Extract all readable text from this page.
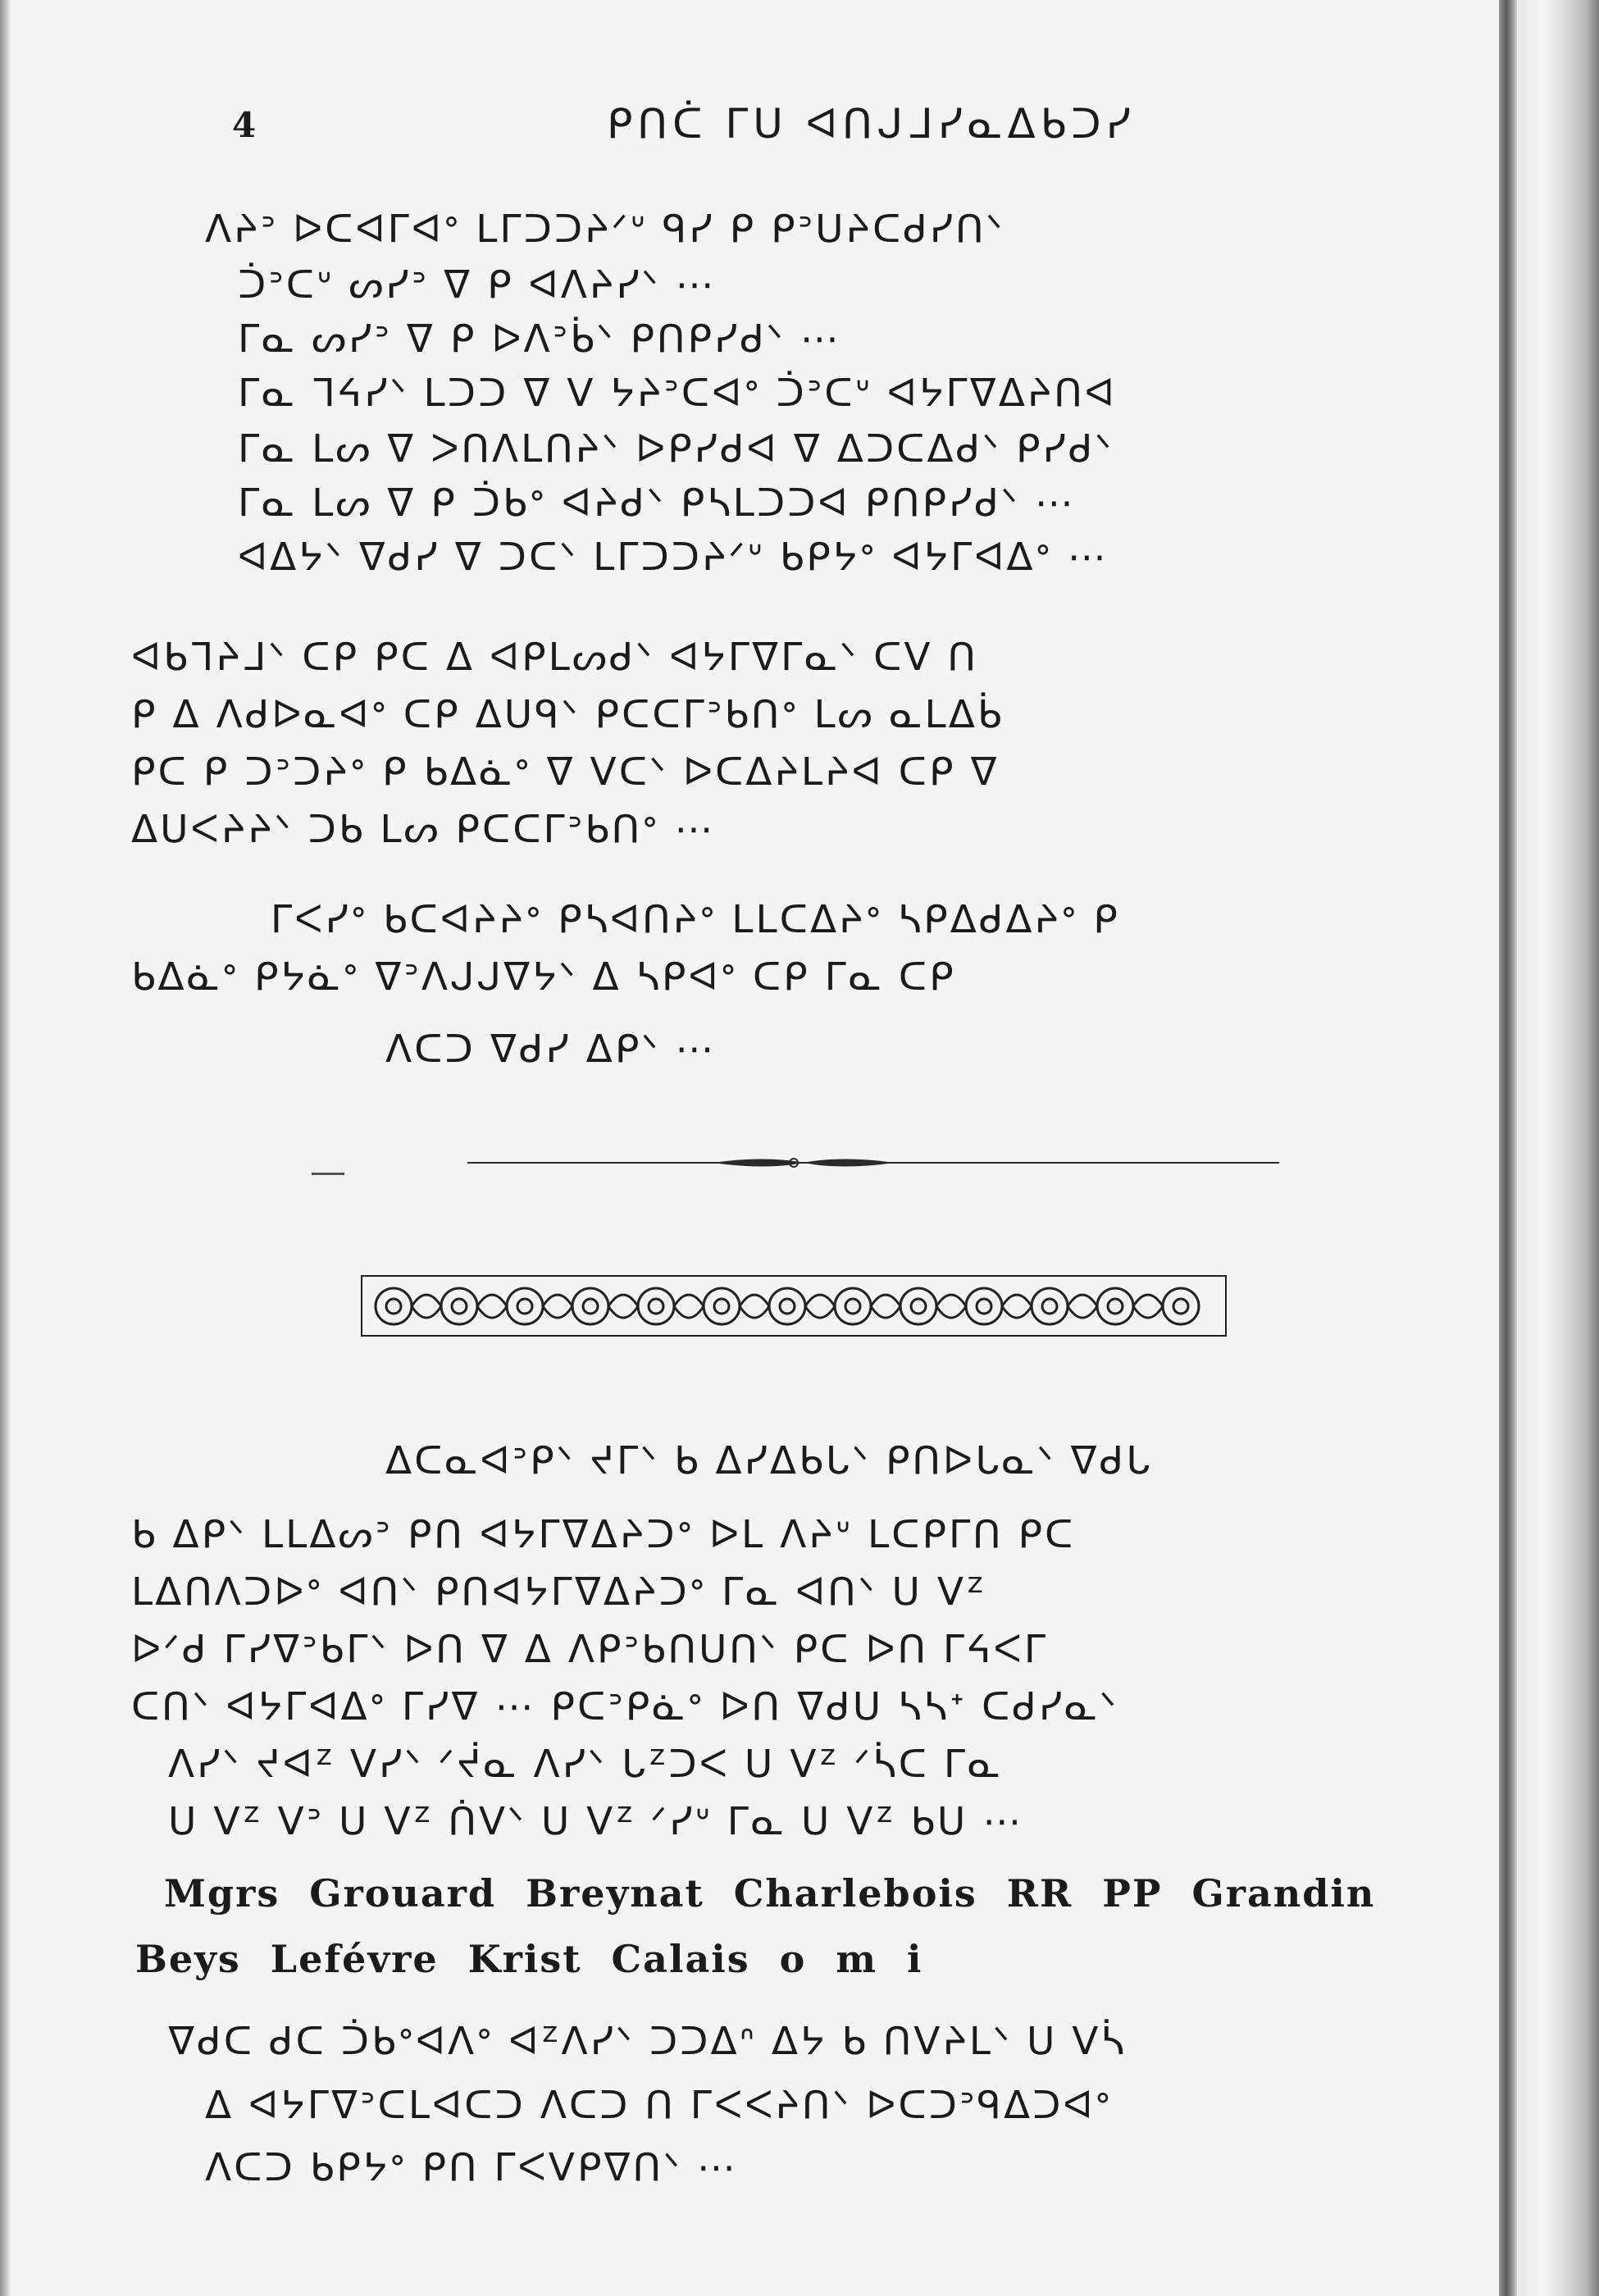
4	ᑭᑎᑖ ᒥᑌ ᐊᑎᒍᒧᓯᓇᐃᑲᑐᓯ
ᐱᔨᐣ ᐅᑕᐊᒥᐊᐤ ᒪᒥᑐᑐᔨᐟᐡ ᑫᓯ ᑭ ᑭᐣᑌᔨᑕᑯᓯᑎᐠ
ᑑᐣᑕᐡ ᔕᓯᐣ ᐁ ᑭ ᐊᐱᔨᓯᐠ ⋯
ᒥᓇ ᔕᓯᐣ ᐁ ᑭ ᐅᐱᐣᑳᐠ ᑭᑎᑭᓯᑯᐠ ⋯
ᒥᓇ ᒣᔦᓯᐠ ᒪᑐᑐ ᐁ ᐯ ᔭᔨᐣᑕᐊᐤ ᑑᐣᑕᐡ ᐊᔭᒥᐁᐃᔨᑎᐊ
ᒥᓇ ᒪᔕ ᐁ ᐳᑎᐱᒪᑎᔨᐠ ᐅᑭᓯᑯᐊ ᐁ ᐃᑐᑕᐃᑯᐠ ᑭᓯᑯᐠ
ᒥᓇ ᒪᔕ ᐁ ᑭ ᑑᑲᐤ ᐊᔨᑯᐠ ᑭᓴᒪᑐᑐᐊ ᑭᑎᑭᓯᑯᐠ ⋯
ᐊᐃᔭᐠ ᐁᑯᓯ ᐁ ᑐᑕᐠ ᒪᒥᑐᑐᔨᐟᐡ ᑲᑭᔭᐤ ᐊᔭᒥᐊᐃᐤ ⋯
ᐊᑲᒣᔨᒧᐠ ᑕᑭ ᑭᑕ ᐃ ᐊᑭᒪᔕᑯᐠ ᐊᔭᒥᐁᒥᓇᐠ ᑕᐯ ᑎ
ᑭ ᐃ ᐱᑯᐅᓇᐊᐤ ᑕᑭ ᐃᑌᑫᐠ ᑭᑕᑕᒥᐣᑲᑎᐤ ᒪᔕ ᓇᒪᐃᑳ
ᑭᑕ ᑭ ᑐᐣᑐᔨᐤ ᑭ ᑲᐃᓈᐤ ᐁ ᐯᑕᐠ ᐅᑕᐃᔨᒪᔨᐊ ᑕᑭ ᐁ
ᐃᑌᐸᔨᔨᐠ ᑐᑲ ᒪᔕ ᑭᑕᑕᒥᐣᑲᑎᐤ ⋯
ᒥᐸᓯᐤ ᑲᑕᐊᔨᔨᐤ ᑭᓴᐊᑎᔨᐤ ᒪᒪᑕᐃᔨᐤ ᓴᑭᐃᑯᐃᔨᐤ ᑭ
ᑲᐃᓈᐤ ᑭᔭᓈᐤ ᐁᐣᐱᒍᒍᐁᔭᐠ ᐃ ᓴᑭᐊᐤ ᑕᑭ ᒥᓇ ᑕᑭ
ᐱᑕᑐ ᐁᑯᓯ ᐃᑭᐠ ⋯
ᐃᑕᓇᐊᐣᑭᐠ ᔪᒥᐠ ᑲ ᐃᓯᐃᑲᒐᐠ ᑭᑎᐅᒐᓇᐠ ᐁᑯᒐ
ᑲ ᐃᑭᐠ ᒪᒪᐃᔕᐣ ᑭᑎ ᐊᔭᒥᐁᐃᔨᑐᐤ ᐅᒪ ᐱᔨᐡ ᒪᑕᑭᒥᑎ ᑭᑕ
ᒪᐃᑎᐱᑐᐅᐤ ᐊᑎᐠ ᑭᑎᐊᔭᒥᐁᐃᔨᑐᐤ ᒥᓇ ᐊᑎᐠ ᑌ ᐯᙆ
ᐅᐟᑯ ᒥᓯᐁᐣᑲᒥᐠ ᐅᑎ ᐁ ᐃ ᐱᑭᐣᑲᑎᑌᑎᐠ ᑭᑕ ᐅᑎ ᒥᔦᐸᒥ
ᑕᑎᐠ ᐊᔭᒥᐊᐃᐤ ᒥᓯᐁ ⋯ ᑭᑕᐣᑭᓈᐤ ᐅᑎ ᐁᑯᑌ ᓴᓴᐩ ᑕᑯᓯᓇᐠ
ᐱᓯᐠ ᔪᐊᙆ ᐯᓯᐠ ᐟᔫᓇ ᐱᓯᐠ ᒐᙆᑐᐸ ᑌ ᐯᙆ ᐟᓵᑕ ᒥᓇ
ᑌ ᐯᙆ ᐯᐣ ᑌ ᐯᙆ ᑏᐯᐠ ᑌ ᐯᙆ ᐟᓯᐡ ᒥᓇ ᑌ ᐯᙆ ᑲᑌ ⋯
Mgrs Grouard Breynat Charlebois RR PP Grandin
Beys Lefévre Krist Calais o m i
ᐁᑯᑕ ᑯᑕ ᑑᑲᐤᐊᐱᐤ ᐊᙆᐱᓯᐠ ᑐᑐᐃᐢ ᐃᔭ ᑲ ᑎᐯᔨᒪᐠ ᑌ ᐯᓵ
ᐃ ᐊᔭᒥᐁᐣᑕᒪᐊᑕᑐ ᐱᑕᑐ ᑎ ᒥᐸᐸᔨᑎᐠ ᐅᑕᑐᐣᑫᐃᑐᐊᐤ
ᐱᑕᑐ ᑲᑭᔭᐤ ᑭᑎ ᒥᐸᐯᑭᐁᑎᐠ ⋯
